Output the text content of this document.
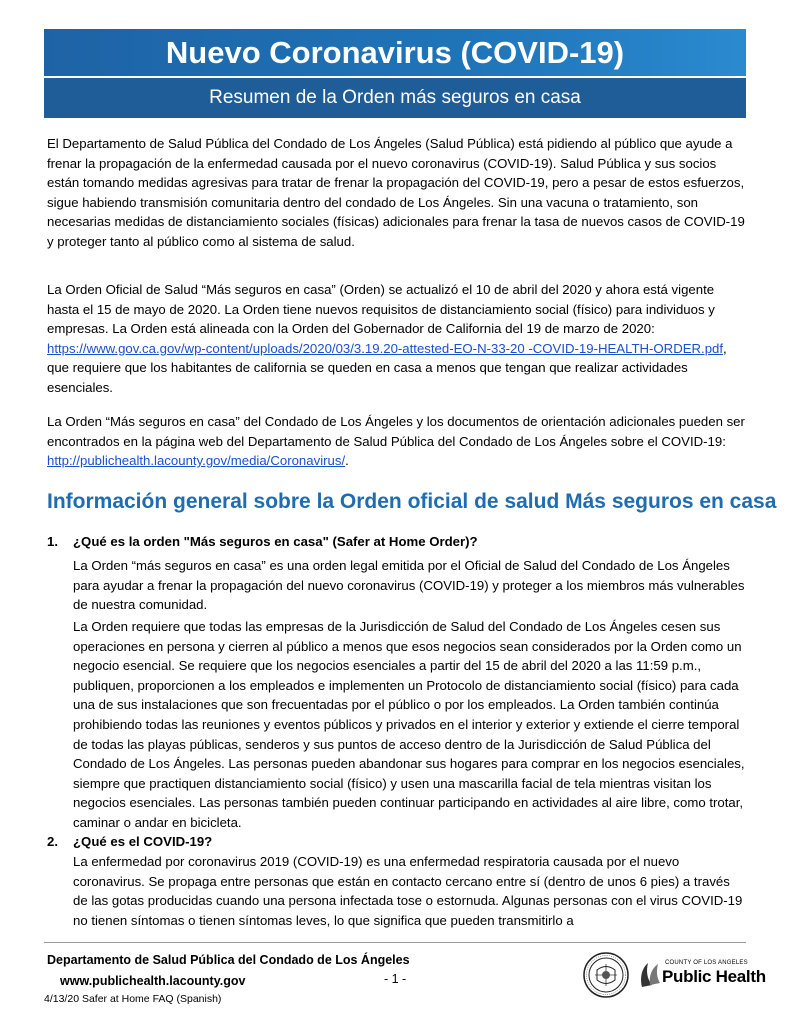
Nuevo Coronavirus (COVID-19)
Resumen de la Orden más seguros en casa

El Departamento de Salud Pública del Condado de Los Ángeles (Salud Pública) está pidiendo al público que ayude a frenar la propagación de la enfermedad causada por el nuevo coronavirus (COVID-19). Salud Pública y sus socios están tomando medidas agresivas para tratar de frenar la propagación del COVID-19, pero a pesar de estos esfuerzos, sigue habiendo transmisión comunitaria dentro del condado de Los Ángeles. Sin una vacuna o tratamiento, son necesarias medidas de distanciamiento sociales (físicas) adicionales para frenar la tasa de nuevos casos de COVID-19 y proteger tanto al público como al sistema de salud.

La Orden Oficial de Salud “Más seguros en casa” (Orden) se actualizó el 10 de abril del 2020 y ahora está vigente hasta el 15 de mayo de 2020. La Orden tiene nuevos requisitos de distanciamiento social (físico) para individuos y empresas. La Orden está alineada con la Orden del Gobernador de California del 19 de marzo de 2020: https://www.gov.ca.gov/wp-content/uploads/2020/03/3.19.20-attested-EO-N-33-20 -COVID-19-HEALTH-ORDER.pdf, que requiere que los habitantes de california se queden en casa a menos que tengan que realizar actividades esenciales.

La Orden “Más seguros en casa” del Condado de Los Ángeles y los documentos de orientación adicionales pueden ser encontrados en la página web del Departamento de Salud Pública del Condado de Los Ángeles sobre el COVID-19: http://publichealth.lacounty.gov/media/Coronavirus/.

Información general sobre la Orden oficial de salud Más seguros en casa

1. ¿Qué es la orden "Más seguros en casa" (Safer at Home Order)?

La Orden “más seguros en casa” es una orden legal emitida por el Oficial de Salud del Condado de Los Ángeles para ayudar a frenar la propagación del nuevo coronavirus (COVID-19) y proteger a los miembros más vulnerables de nuestra comunidad.

La Orden requiere que todas las empresas de la Jurisdicción de Salud del Condado de Los Ángeles cesen sus operaciones en persona y cierren al público a menos que esos negocios sean considerados por la Orden como un negocio esencial. Se requiere que los negocios esenciales a partir del 15 de abril del 2020 a las 11:59 p.m., publiquen, proporcionen a los empleados e implementen un Protocolo de distanciamiento social (físico) para cada una de sus instalaciones que son frecuentadas por el público o por los empleados. La Orden también continúa prohibiendo todas las reuniones y eventos públicos y privados en el interior y exterior y extiende el cierre temporal de todas las playas públicas, senderos y sus puntos de acceso dentro de la Jurisdicción de Salud Pública del Condado de Los Ángeles. Las personas pueden abandonar sus hogares para comprar en los negocios esenciales, siempre que practiquen distanciamiento social (físico) y usen una mascarilla facial de tela mientras visitan los negocios esenciales. Las personas también pueden continuar participando en actividades al aire libre, como trotar, caminar o andar en bicicleta.

2. ¿Qué es el COVID-19?

La enfermedad por coronavirus 2019 (COVID-19) es una enfermedad respiratoria causada por el nuevo coronavirus. Se propaga entre personas que están en contacto cercano entre sí (dentro de unos 6 pies) a través de las gotas producidas cuando una persona infectada tose o estornuda. Algunas personas con el virus COVID-19 no tienen síntomas o tienen síntomas leves, lo que significa que pueden transmitirlo a

Departamento de Salud Pública del Condado de Los Ángeles
www.publichealth.lacounty.gov	- 1 -
4/13/20 Safer at Home FAQ (Spanish)
COUNTY OF LOS ANGELES
Public Health
